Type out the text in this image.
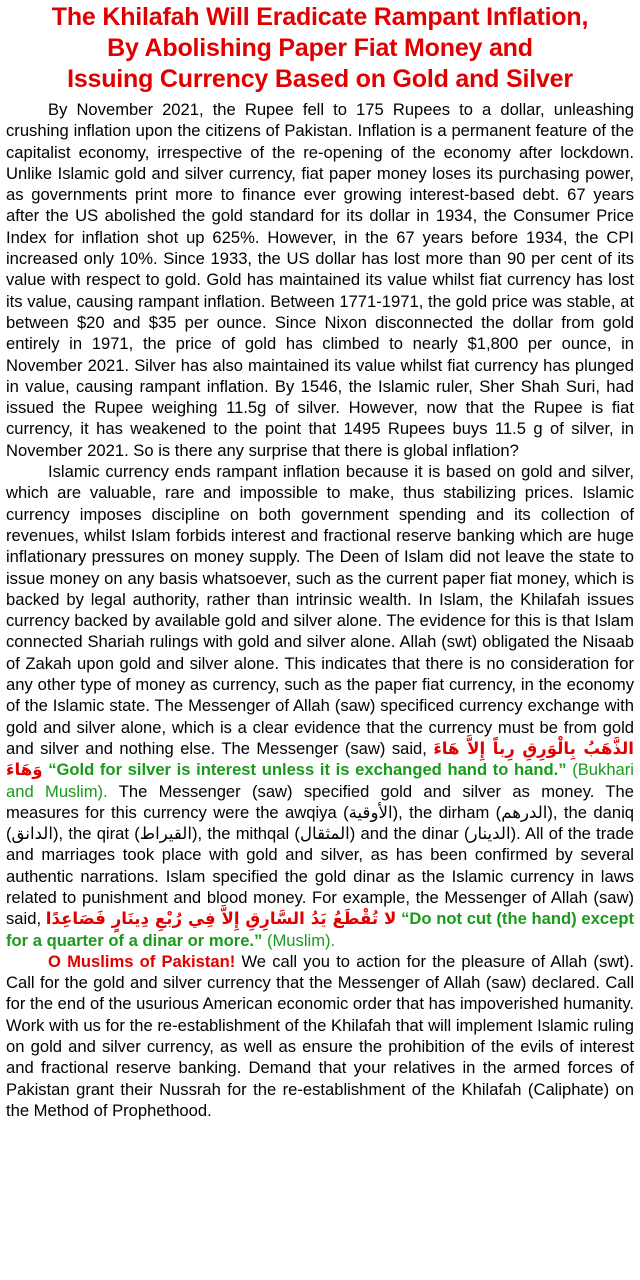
The Khilafah Will Eradicate Rampant Inflation,
By Abolishing Paper Fiat Money and
Issuing Currency Based on Gold and Silver

By November 2021, the Rupee fell to 175 Rupees to a dollar, unleashing crushing inflation upon the citizens of Pakistan. Inflation is a permanent feature of the capitalist economy, irrespective of the re-opening of the economy after lockdown. Unlike Islamic gold and silver currency, fiat paper money loses its purchasing power, as governments print more to finance ever growing interest-based debt. 67 years after the US abolished the gold standard for its dollar in 1934, the Consumer Price Index for inflation shot up 625%. However, in the 67 years before 1934, the CPI increased only 10%. Since 1933, the US dollar has lost more than 90 per cent of its value with respect to gold. Gold has maintained its value whilst fiat currency has lost its value, causing rampant inflation. Between 1771-1971, the gold price was stable, at between $20 and $35 per ounce. Since Nixon disconnected the dollar from gold entirely in 1971, the price of gold has climbed to nearly $1,800 per ounce, in November 2021. Silver has also maintained its value whilst fiat currency has plunged in value, causing rampant inflation. By 1546, the Islamic ruler, Sher Shah Suri, had issued the Rupee weighing 11.5g of silver. However, now that the Rupee is fiat currency, it has weakened to the point that 1495 Rupees buys 11.5 g of silver, in November 2021. So is there any surprise that there is global inflation?

Islamic currency ends rampant inflation because it is based on gold and silver, which are valuable, rare and impossible to make, thus stabilizing prices. Islamic currency imposes discipline on both government spending and its collection of revenues, whilst Islam forbids interest and fractional reserve banking which are huge inflationary pressures on money supply. The Deen of Islam did not leave the state to issue money on any basis whatsoever, such as the current paper fiat money, which is backed by legal authority, rather than intrinsic wealth. In Islam, the Khilafah issues currency backed by available gold and silver alone. The evidence for this is that Islam connected Shariah rulings with gold and silver alone. Allah (swt) obligated the Nisaab of Zakah upon gold and silver alone. This indicates that there is no consideration for any other type of money as currency, such as the paper fiat currency, in the economy of the Islamic state. The Messenger of Allah (saw) specificed currency exchange with gold and silver alone, which is a clear evidence that the currency must be from gold and silver and nothing else. The Messenger (saw) said, الذَّهَبُ بِالْوَرِقِ رِباً إِلاَّ هَاءَ وَهَاءَ “Gold for silver is interest unless it is exchanged hand to hand.” (Bukhari and Muslim). The Messenger (saw) specified gold and silver as money. The measures for this currency were the awqiya (الأوقية), the dirham (الدرهم), the daniq (الدانق), the qirat (القيراط), the mithqal (المثقال) and the dinar (الدينار). All of the trade and marriages took place with gold and silver, as has been confirmed by several authentic narrations. Islam specified the gold dinar as the Islamic currency in laws related to punishment and blood money. For example, the Messenger of Allah (saw) said, لا تُقْطَعُ يَدُ السَّارِقِ إِلاَّ فِي رُبْعِ دِينَارٍ فَصَاعِدًا “Do not cut (the hand) except for a quarter of a dinar or more.” (Muslim).

O Muslims of Pakistan! We call you to action for the pleasure of Allah (swt). Call for the gold and silver currency that the Messenger of Allah (saw) declared. Call for the end of the usurious American economic order that has impoverished humanity. Work with us for the re-establishment of the Khilafah that will implement Islamic ruling on gold and silver currency, as well as ensure the prohibition of the evils of interest and fractional reserve banking. Demand that your relatives in the armed forces of Pakistan grant their Nussrah for the re-establishment of the Khilafah (Caliphate) on the Method of Prophethood.
